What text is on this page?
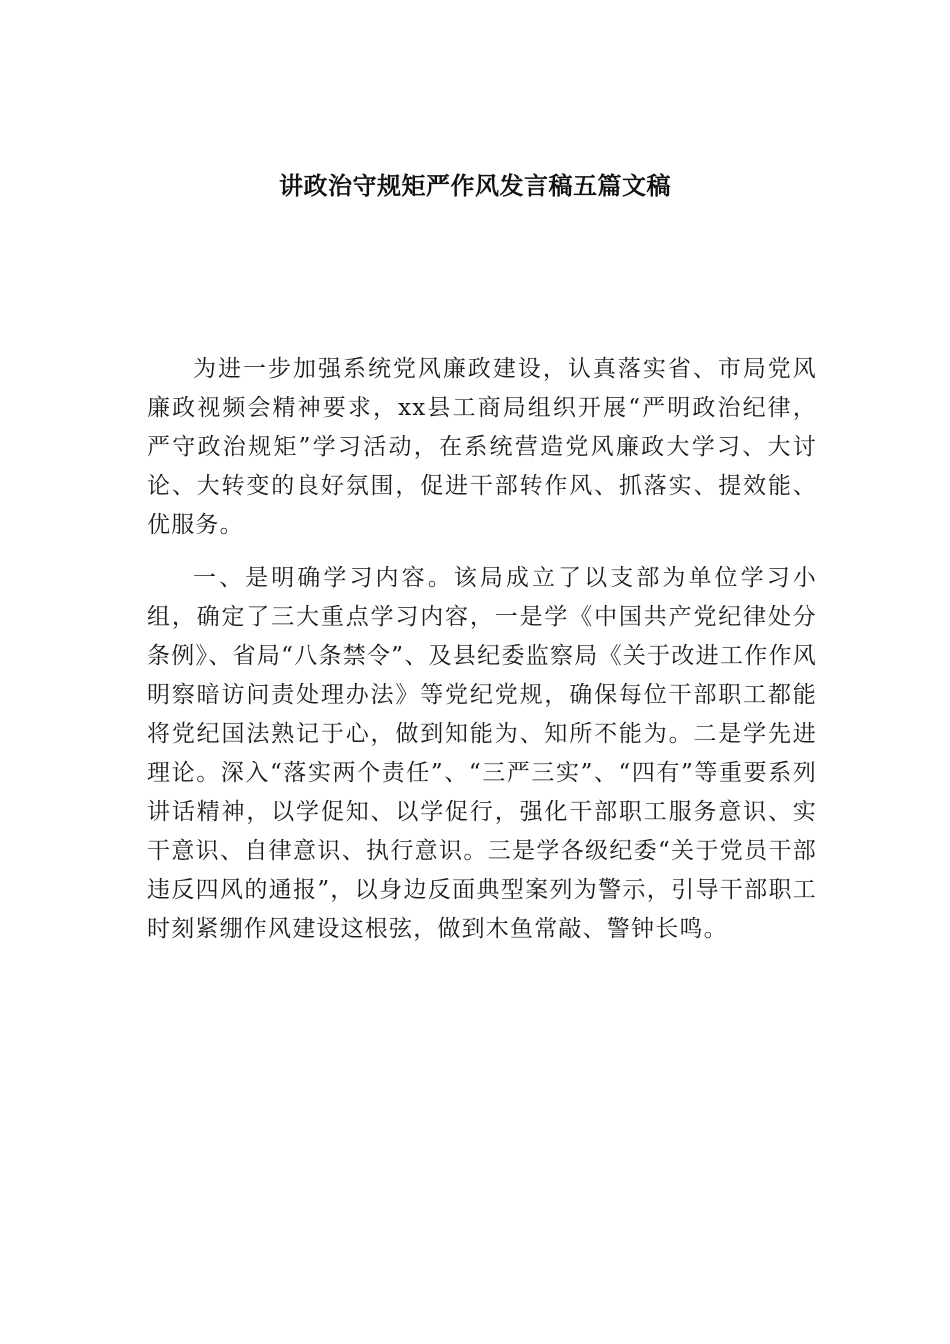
讲政治守规矩严作风发言稿五篇文稿

为进一步加强系统党风廉政建设，认真落实省、市局党风廉政视频会精神要求，xx县工商局组织开展“严明政治纪律，严守政治规矩”学习活动，在系统营造党风廉政大学习、大讨论、大转变的良好氛围，促进干部转作风、抓落实、提效能、优服务。

一、是明确学习内容。该局成立了以支部为单位学习小组，确定了三大重点学习内容，一是学《中国共产党纪律处分条例》、省局“八条禁令”、及县纪委监察局《关于改进工作作风明察暗访问责处理办法》等党纪党规，确保每位干部职工都能将党纪国法熟记于心，做到知能为、知所不能为。二是学先进理论。深入“落实两个责任”、“三严三实”、“四有”等重要系列讲话精神，以学促知、以学促行，强化干部职工服务意识、实干意识、自律意识、执行意识。三是学各级纪委“关于党员干部违反四风的通报”，以身边反面典型案列为警示，引导干部职工时刻紧绷作风建设这根弦，做到木鱼常敲、警钟长鸣。
